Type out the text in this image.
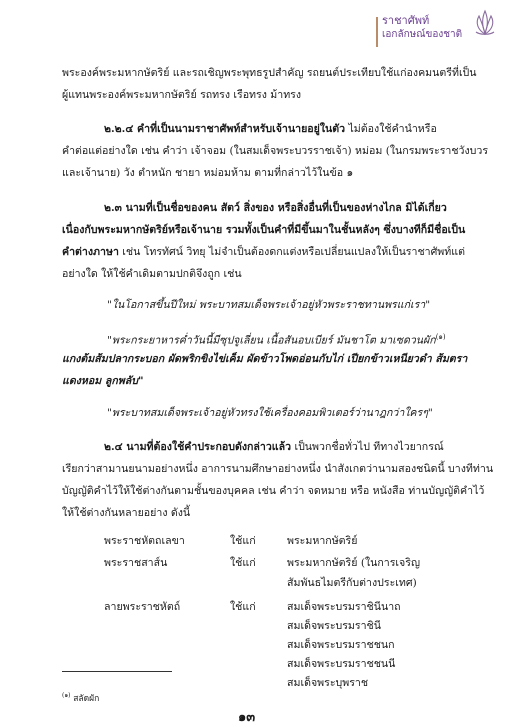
ราชาศัพท์
เอกลักษณ์ของชาติ
พระองค์พระมหากษัตริย์ และรถเชิญพระพุทธรูปสำคัญ รถยนต์ประเทียบใช้แก่องคมนตรีที่เป็น
ผู้แทนพระองค์พระมหากษัตริย์ รถทรง เรือทรง ม้าทรง
๒.๒.๔ คำที่เป็นนามราชาศัพท์สำหรับเจ้านายอยู่ในตัว ไม่ต้องใช้คำนำหรือ
คำต่อแต่อย่างใด เช่น คำว่า เจ้าจอม (ในสมเด็จพระบวรราชเจ้า) หม่อม (ในกรมพระราชวังบวร
และเจ้านาย) วัง ตำหนัก ชายา หม่อมห้าม ตามที่กล่าวไว้ในข้อ ๑
๒.๓ นามที่เป็นชื่อของคน สัตว์ สิ่งของ หรือสิ่งอื่นที่เป็นของห่างไกล มิได้เกี่ยว
เนื่องกับพระมหากษัตริย์หรือเจ้านาย รวมทั้งเป็นคำที่มีขึ้นมาในชั้นหลังๆ ซึ่งบางทีก็มีชื่อเป็น
คำต่างภาษา เช่น โทรทัศน์ วิทยุ ไม่จำเป็นต้องดกแต่งหรือเปลี่ยนแปลงให้เป็นราชาศัพท์แต่
อย่างใด ให้ใช้คำเดิมตามปกติจึงถูก เช่น
"ในโอกาสขึ้นปีใหม่ พระบาทสมเด็จพระเจ้าอยู่หัวพระราชทานพรแก่เรา"
"พระกระยาหารค่ำวันนี้มีซุปจูเลี่ยน เนื้อสันอบเบียร์ มันชาโต มาเซดวนผัก$^{(๑)}$
แกงต้มส้มปลากระบอก ผัดพริกขิงไข่เค็ม ผัดข้าวโพดอ่อนกับไก่ เปียกข้าวเหนียวดำ ส้มตรา
แดงหอม ลูกพลับ"
"พระบาทสมเด็จพระเจ้าอยู่หัวทรงใช้เครื่องคอมพิวเตอร์ว่านาฎกว่าใครๆ"
๒.๔ นามที่ต้องใช้คำประกอบดังกล่าวแล้ว เป็นพวกชื่อทั่วไป ทีทางไวยากรณ์
เรียกว่าสามานยนามอย่างหนึ่ง อาการนามศึกษาอย่างหนึ่ง นำสังเกตว่านามสองชนิดนี้ บางทีท่าน
บัญญัติคำไว้ให้ใช้ต่างกันตามชั้นของบุคคล เช่น คำว่า จดหมาย หรือ หนังสือ ท่านบัญญัติคำไว้
ให้ใช้ต่างกันหลายอย่าง ดังนี้
พระราชหัตถเลขา	ใช้แก่	พระมหากษัตริย์
พระราชสาส์น	ใช้แก่	พระมหากษัตริย์ (ในการเจริญ
สัมพันธไมตรีกับต่างประเทศ)
ลายพระราชหัตถ์	ใช้แก่	สมเด็จพระบรมราชินีนาถ
สมเด็จพระบรมราชินี
สมเด็จพระบรมราชชนก
สมเด็จพระบรมราชชนนี
สมเด็จพระบุพราช
$^{(๑)}$ สลัดผัก
๑๓
